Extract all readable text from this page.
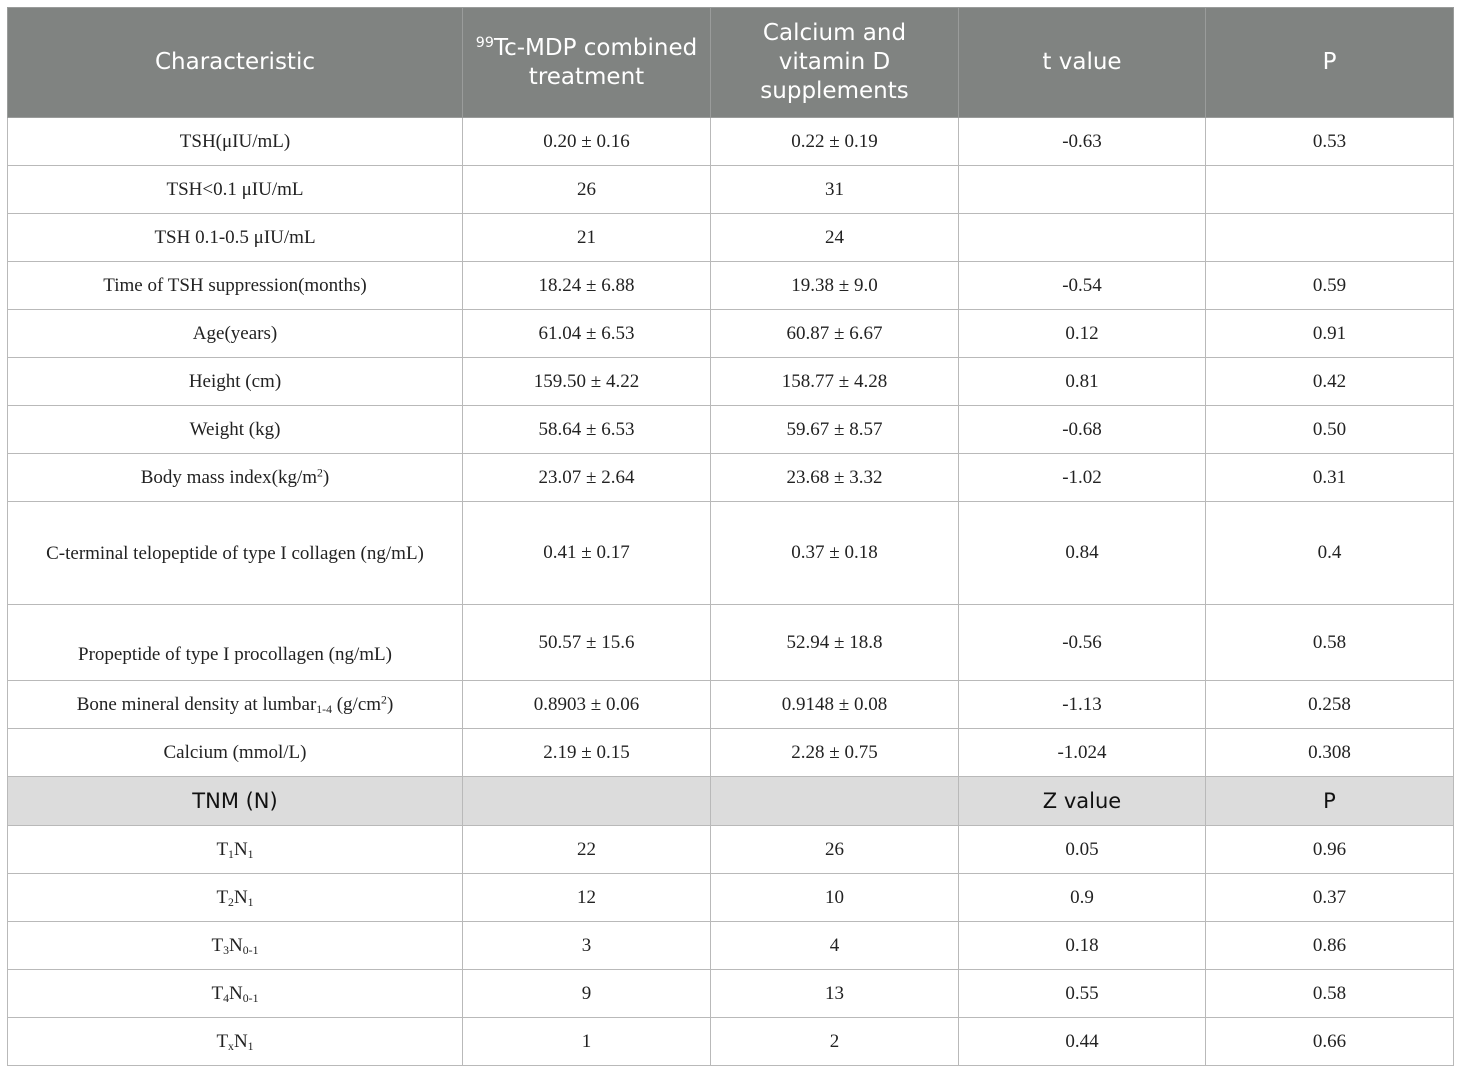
Characteristic	$^{99}$Tc-MDP combined treatment	Calcium and vitamin D supplements	t value	P
TSH(μIU/mL)	0.20 ± 0.16	0.22 ± 0.19	-0.63	0.53
TSH<0.1 μIU/mL	26	31		
TSH 0.1-0.5 μIU/mL	21	24		
Time of TSH suppression(months)	18.24 ± 6.88	19.38 ± 9.0	-0.54	0.59
Age(years)	61.04 ± 6.53	60.87 ± 6.67	0.12	0.91
Height (cm)	159.50 ± 4.22	158.77 ± 4.28	0.81	0.42
Weight (kg)	58.64 ± 6.53	59.67 ± 8.57	-0.68	0.50
Body mass $index(kg/m^2)$	23.07 ± 2.64	23.68 ± 3.32	-1.02	0.31
C-terminal telopeptide of type I collagen (ng/mL)	0.41 ± 0.17	0.37 ± 0.18	0.84	0.4
Propeptide of type I procollagen (ng/mL)	50.57 ± 15.6	52.94 ± 18.8	-0.56	0.58
Bone mineral density at lumbar$_{1-4}$ $(g/cm^2)$	0.8903 ± 0.06	0.9148 ± 0.08	-1.13	0.258
Calcium (mmol/L)	2.19 ± 0.15	2.28 ± 0.75	-1.024	0.308
TNM (N)			Z value	P
$T_1N_1$	22	26	0.05	0.96
$T_2N_1$	12	10	0.9	0.37
$T_3N_{0-1}$	3	4	0.18	0.86
$T_4N_{0-1}$	9	13	0.55	0.58
$T_xN_1$	1	2	0.44	0.66
